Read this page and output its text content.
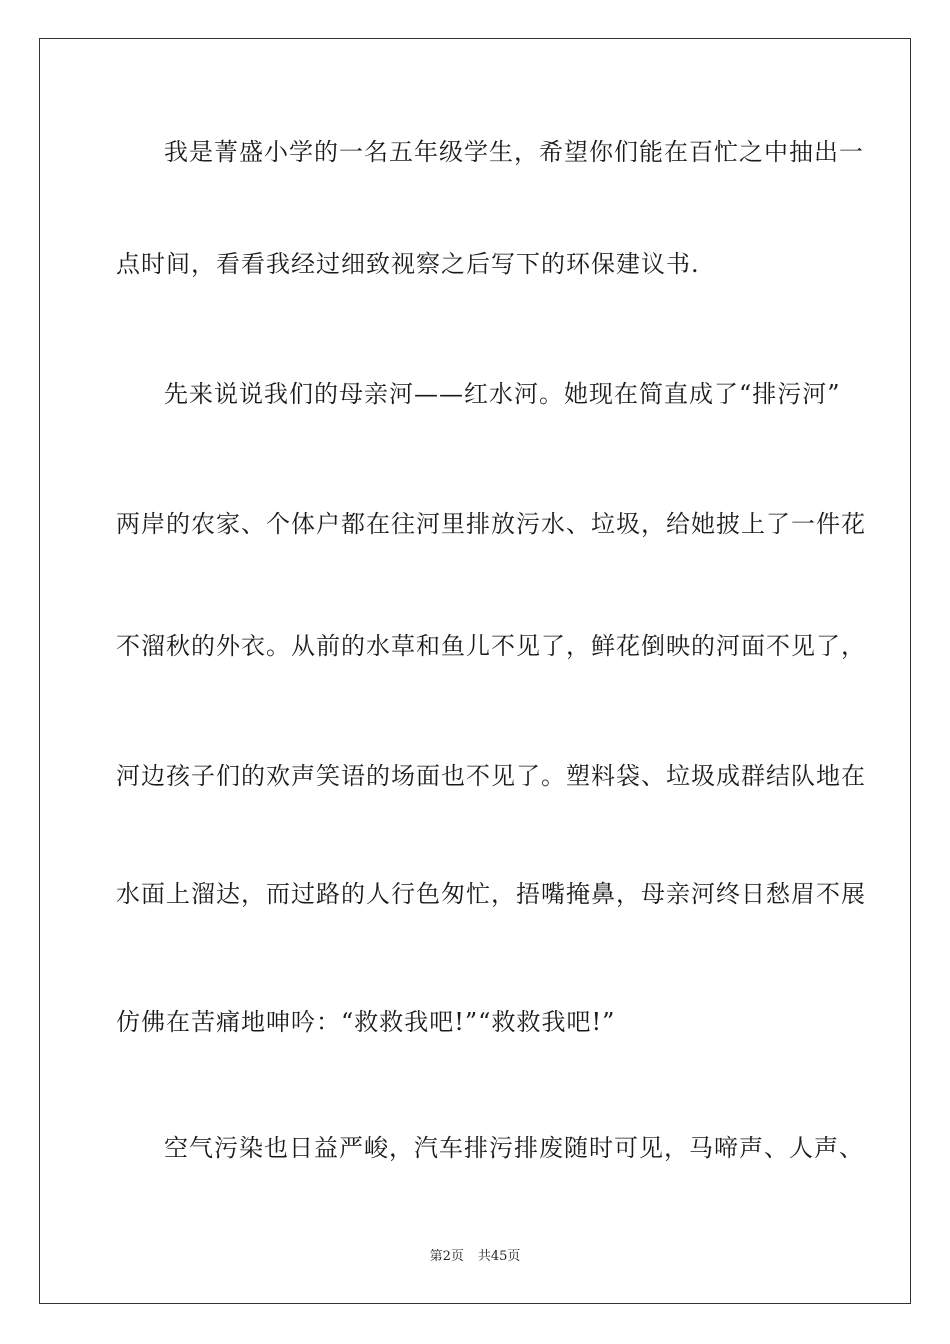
我是菁盛小学的一名五年级学生，希望你们能在百忙之中抽出一
点时间，看看我经过细致视察之后写下的环保建议书.
先来说说我们的母亲河——红水河。她现在简直成了“排污河”
两岸的农家、个体户都在往河里排放污水、垃圾，给她披上了一件花
不溜秋的外衣。从前的水草和鱼儿不见了，鲜花倒映的河面不见了，
河边孩子们的欢声笑语的场面也不见了。塑料袋、垃圾成群结队地在
水面上溜达，而过路的人行色匆忙，捂嘴掩鼻，母亲河终日愁眉不展
仿佛在苦痛地呻吟：“救救我吧!”“救救我吧!”
空气污染也日益严峻，汽车排污排废随时可见，马啼声、人声、
第2页 共45页
